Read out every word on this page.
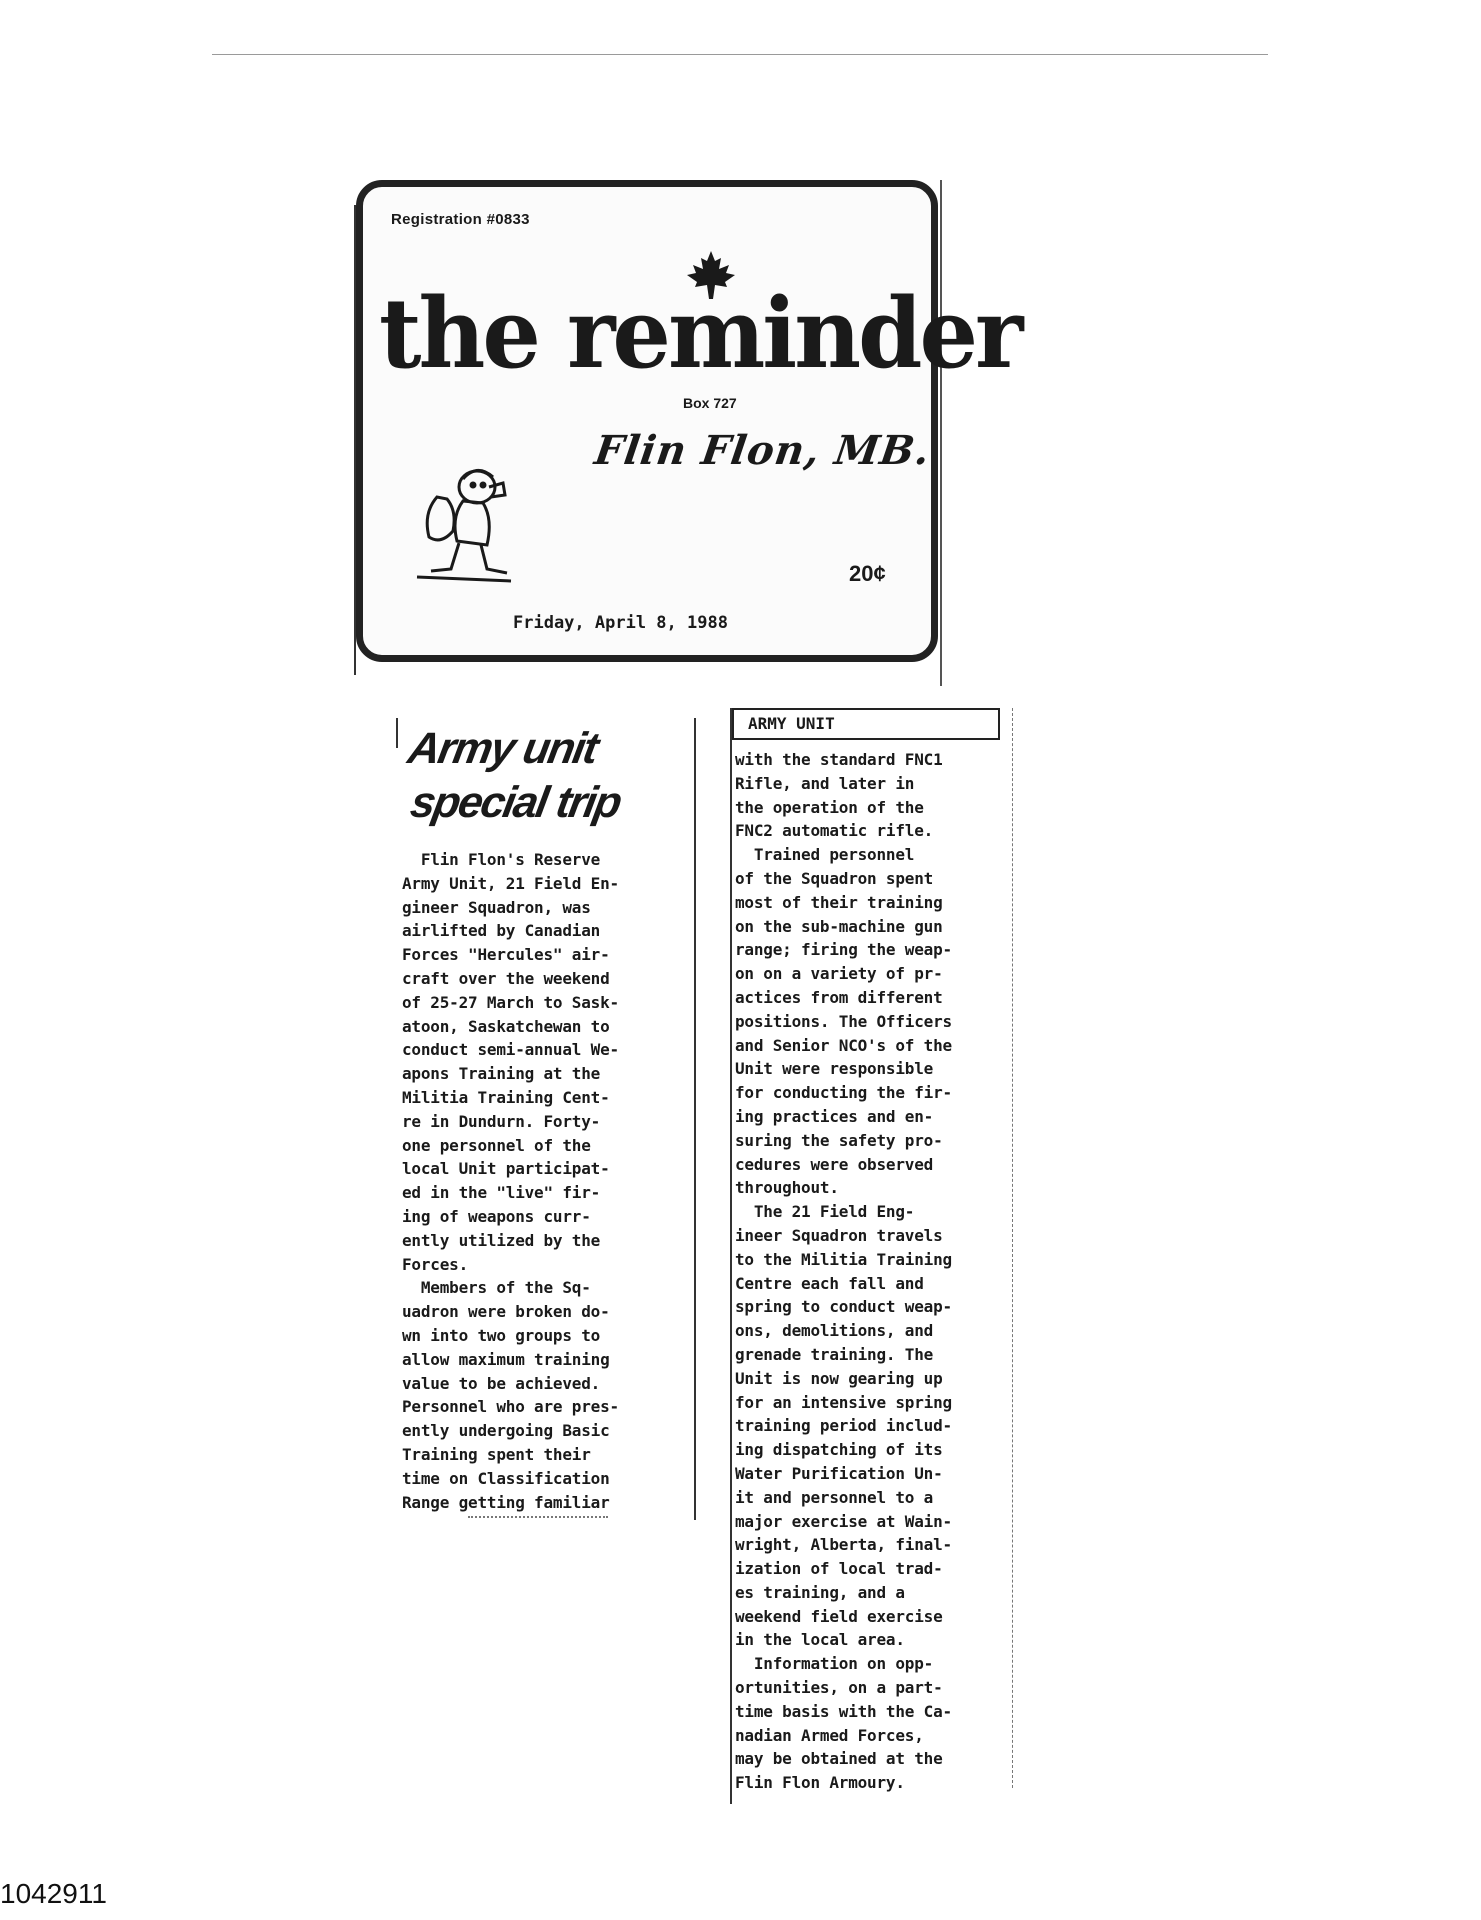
Registration #0833
the reminder
Box 727
Flin Flon, MB.
20¢
Friday, April 8, 1988
Army unit
special trip
Flin Flon's Reserve
Army Unit, 21 Field En-
gineer Squadron, was
airlifted by Canadian
Forces "Hercules" air-
craft over the weekend
of 25-27 March to Sask-
atoon, Saskatchewan to
conduct semi-annual We-
apons Training at the
Militia Training Cent-
re in Dundurn. Forty-
one personnel of the
local Unit participat-
ed in the "live" fir-
ing of weapons curr-
ently utilized by the
Forces.
Members of the Sq-
uadron were broken do-
wn into two groups to
allow maximum training
value to be achieved.
Personnel who are pres-
ently undergoing Basic
Training spent their
time on Classification
Range getting familiar
ARMY UNIT
with the standard FNC1
Rifle, and later in
the operation of the
FNC2 automatic rifle.
Trained personnel
of the Squadron spent
most of their training
on the sub-machine gun
range; firing the weap-
on on a variety of pr-
actices from different
positions. The Officers
and Senior NCO's of the
Unit were responsible
for conducting the fir-
ing practices and en-
suring the safety pro-
cedures were observed
throughout.
The 21 Field Eng-
ineer Squadron travels
to the Militia Training
Centre each fall and
spring to conduct weap-
ons, demolitions, and
grenade training. The
Unit is now gearing up
for an intensive spring
training period includ-
ing dispatching of its
Water Purification Un-
it and personnel to a
major exercise at Wain-
wright, Alberta, final-
ization of local trad-
es training, and a
weekend field exercise
in the local area.
Information on opp-
ortunities, on a part-
time basis with the Ca-
nadian Armed Forces,
may be obtained at the
Flin Flon Armoury.
1042911
